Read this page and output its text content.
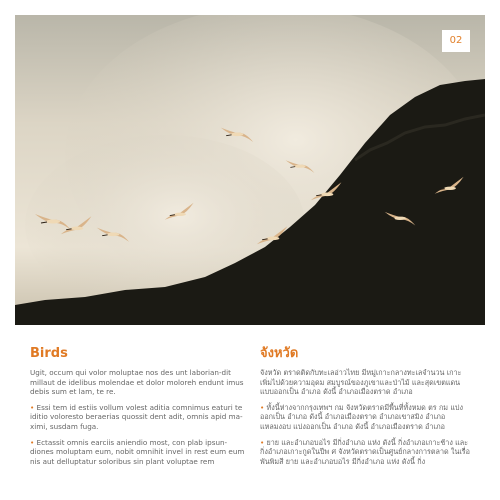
02
Birds

Ugit, occum qui volor moluptae nos des unt laborian-dit millaut de idelibus molendae et dolor moloreh endunt imus debis sum et lam, te re.

• Essi tem id estiis vollum volest aditia comnimus eaturi te iditio voloresto beraerias quossit dent adit, omnis apid ma-ximi, susdam fuga.

• Ectassit omnis earciis aniendio most, con plab ipsun-diones moluptam eum, nobit omnihit invel in rest eum eum nis aut delluptatur soloribus sin plant voluptae rem

จังหวัด

จังหวัด ตราดติดกับทะเลอ่าวไทย มีหมู่เกาะกลางทะเลจำนวน เกาะ เพิ่มไปด้วยความอุดม สมบูรณ์ของภูเขาและป่าไม้ และสุดเขตแดน แบบออกเป็น อำเภอ ดังนี้ อำเภอเมืองตราด อำเภอ

• ทั้งนี้ห่างจากกรุงเทพฯ กม จังหวัดตราดมีพื้นที่ทั้งหมด ตร กม แบ่งออกเป็น อำเภอ ดังนี้ อำเภอเมืองตราด อำเภอเขาสมิง อำเภอ แหลมงอบ แบ่งออกเป็น อำเภอ ดังนี้ อำเภอเมืองตราด อำเภอ

• ยาย และอำเภอบอไร มีกิ่งอำเภอ แห่ง ดังนี้ กิ่งอำเภอเกาะช้าง และกิ่งอำเภอเกาะกูดในปีพ ศ จังหวัดตราดเป็นศูนย์กลางการตลาด ในเรื่อพันพิมสี ยาย และอำเภอบอไร มีกิ่งอำเภอ แห่ง ดังนี้ กิ่ง
